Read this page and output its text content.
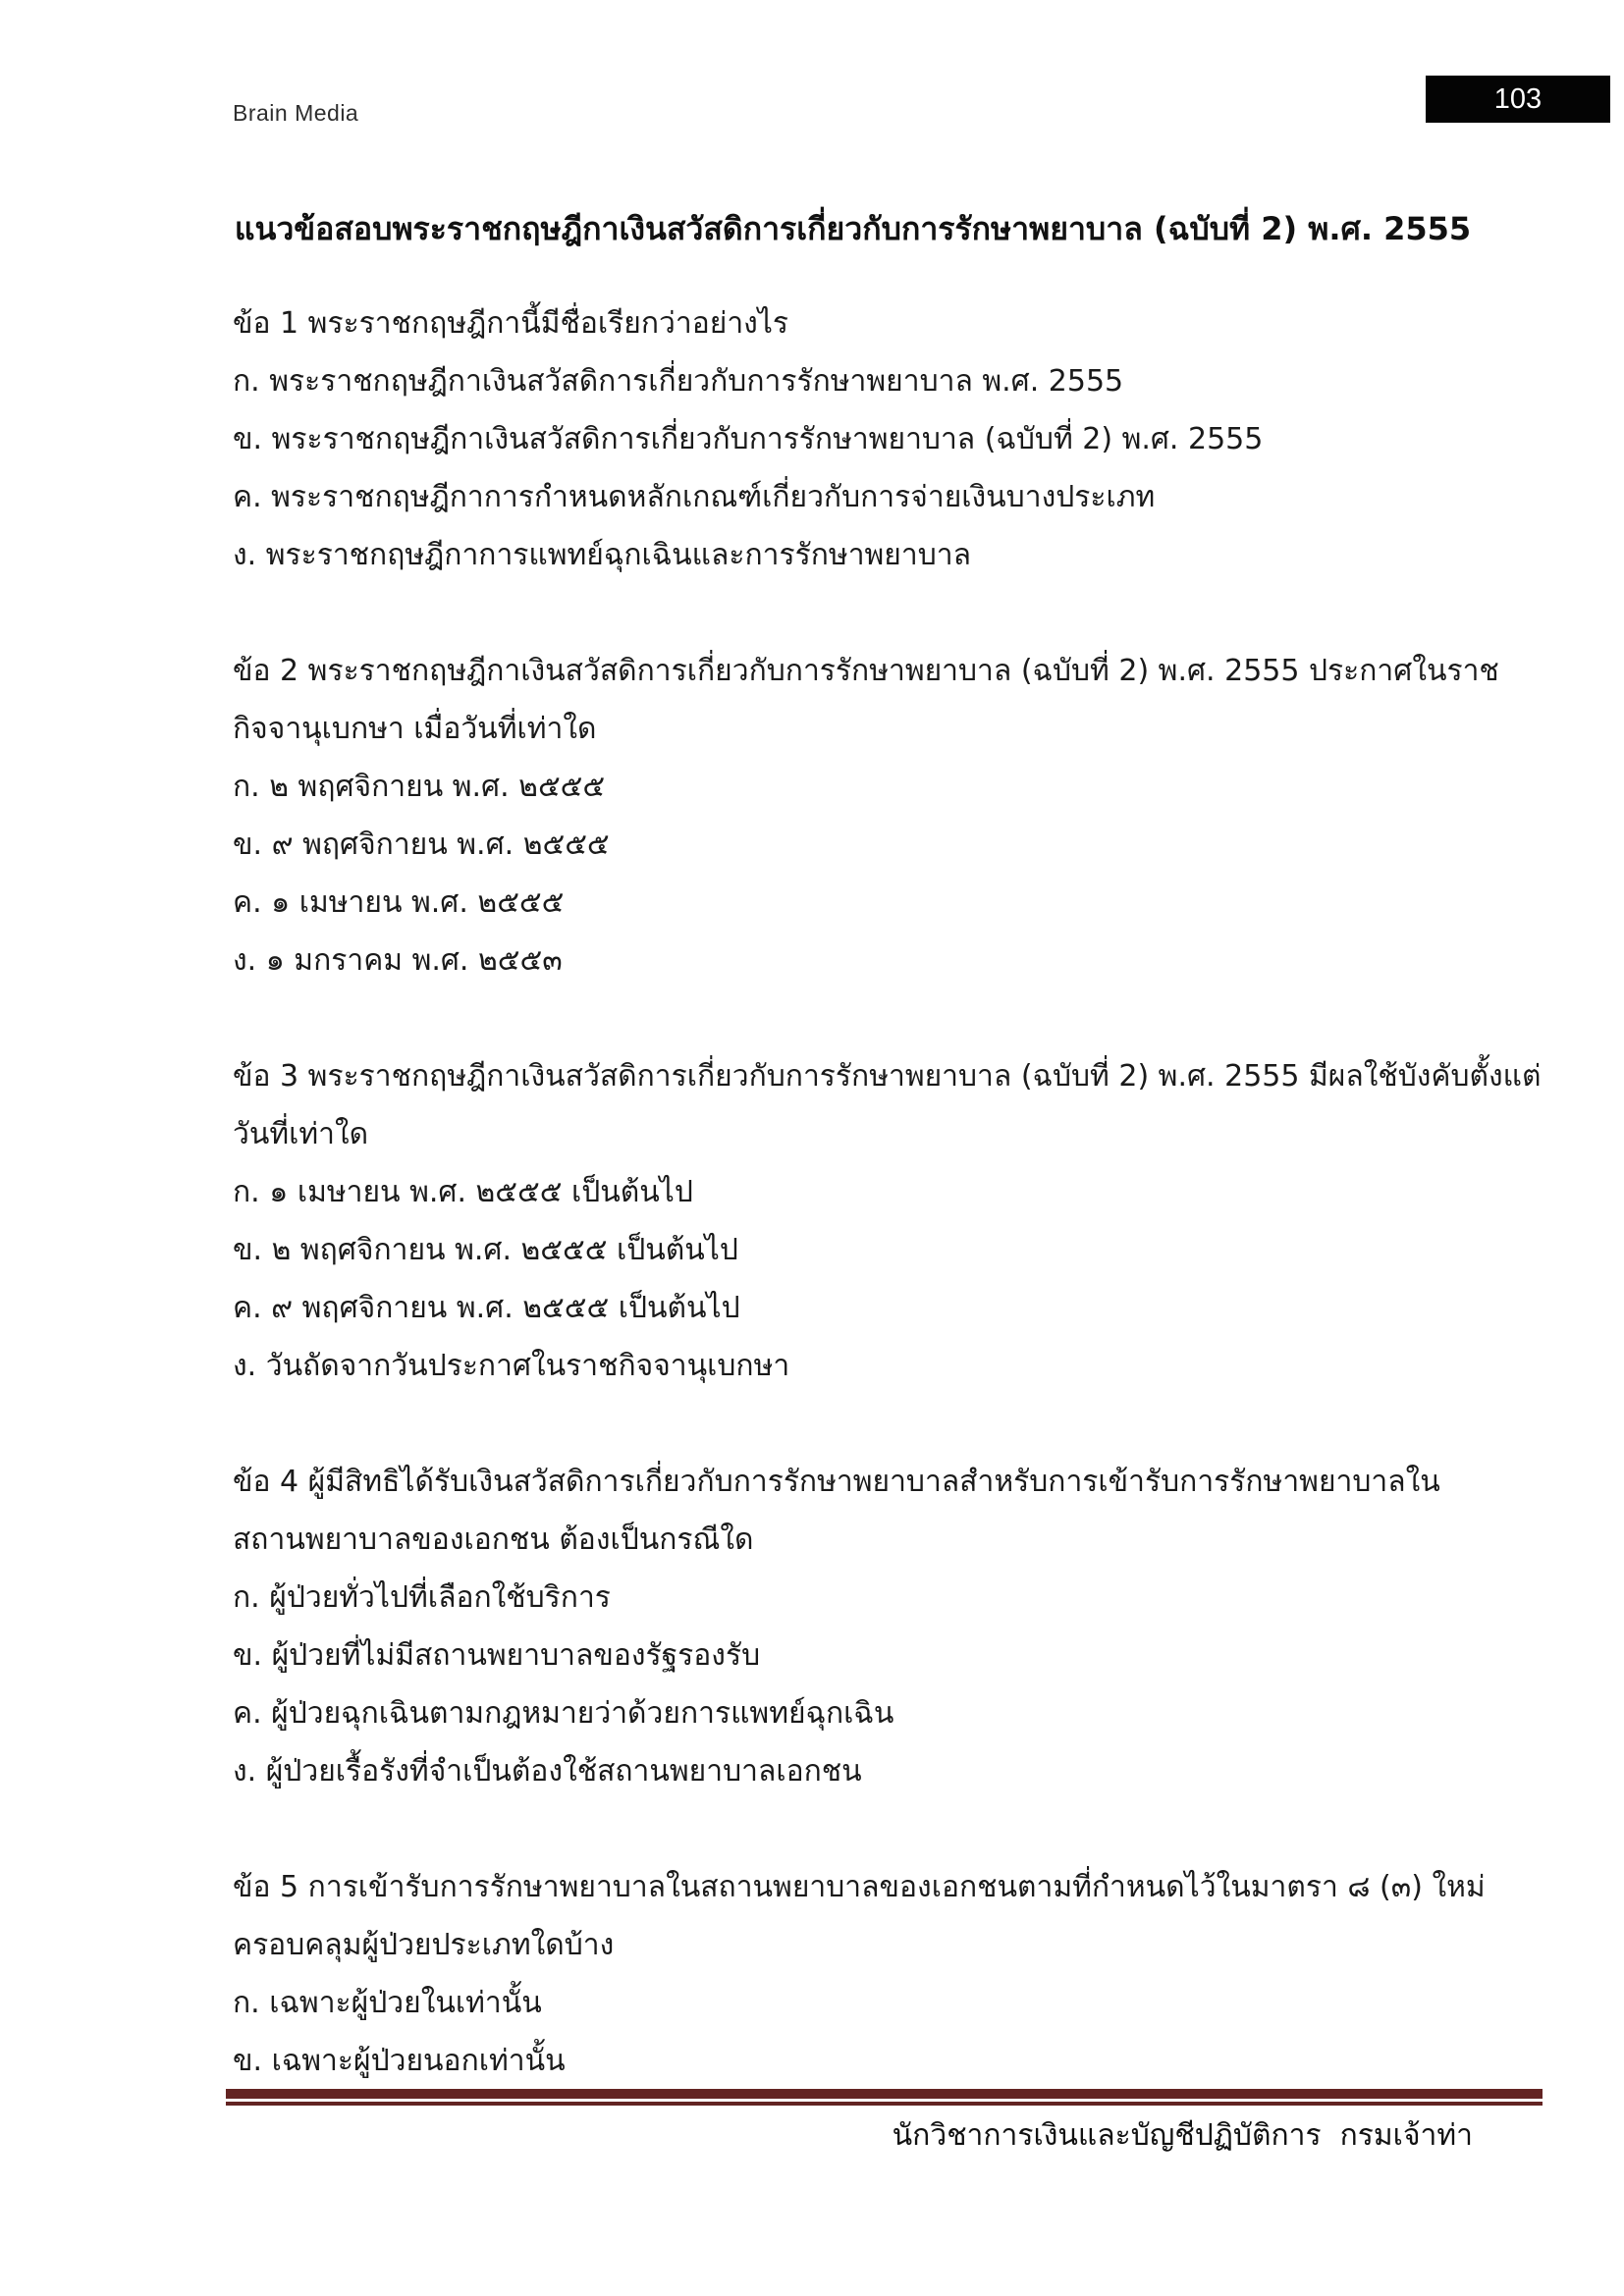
Brain Media	103
แนวข้อสอบพระราชกฤษฎีกาเงินสวัสดิการเกี่ยวกับการรักษาพยาบาล (ฉบับที่ 2) พ.ศ. 2555
ข้อ 1 พระราชกฤษฎีกานี้มีชื่อเรียกว่าอย่างไร
ก. พระราชกฤษฎีกาเงินสวัสดิการเกี่ยวกับการรักษาพยาบาล พ.ศ. 2555
ข. พระราชกฤษฎีกาเงินสวัสดิการเกี่ยวกับการรักษาพยาบาล (ฉบับที่ 2) พ.ศ. 2555
ค. พระราชกฤษฎีกาการกำหนดหลักเกณฑ์เกี่ยวกับการจ่ายเงินบางประเภท
ง. พระราชกฤษฎีกาการแพทย์ฉุกเฉินและการรักษาพยาบาล
ข้อ 2 พระราชกฤษฎีกาเงินสวัสดิการเกี่ยวกับการรักษาพยาบาล (ฉบับที่ 2) พ.ศ. 2555 ประกาศในราช
กิจจานุเบกษา เมื่อวันที่เท่าใด
ก. ๒ พฤศจิกายน พ.ศ. ๒๕๕๕
ข. ๙ พฤศจิกายน พ.ศ. ๒๕๕๕
ค. ๑ เมษายน พ.ศ. ๒๕๕๕
ง. ๑ มกราคม พ.ศ. ๒๕๕๓
ข้อ 3 พระราชกฤษฎีกาเงินสวัสดิการเกี่ยวกับการรักษาพยาบาล (ฉบับที่ 2) พ.ศ. 2555 มีผลใช้บังคับตั้งแต่
วันที่เท่าใด
ก. ๑ เมษายน พ.ศ. ๒๕๕๕ เป็นต้นไป
ข. ๒ พฤศจิกายน พ.ศ. ๒๕๕๕ เป็นต้นไป
ค. ๙ พฤศจิกายน พ.ศ. ๒๕๕๕ เป็นต้นไป
ง. วันถัดจากวันประกาศในราชกิจจานุเบกษา
ข้อ 4 ผู้มีสิทธิได้รับเงินสวัสดิการเกี่ยวกับการรักษาพยาบาลสำหรับการเข้ารับการรักษาพยาบาลใน
สถานพยาบาลของเอกชน ต้องเป็นกรณีใด
ก. ผู้ป่วยทั่วไปที่เลือกใช้บริการ
ข. ผู้ป่วยที่ไม่มีสถานพยาบาลของรัฐรองรับ
ค. ผู้ป่วยฉุกเฉินตามกฎหมายว่าด้วยการแพทย์ฉุกเฉิน
ง. ผู้ป่วยเรื้อรังที่จำเป็นต้องใช้สถานพยาบาลเอกชน
ข้อ 5 การเข้ารับการรักษาพยาบาลในสถานพยาบาลของเอกชนตามที่กำหนดไว้ในมาตรา ๘ (๓) ใหม่
ครอบคลุมผู้ป่วยประเภทใดบ้าง
ก. เฉพาะผู้ป่วยในเท่านั้น
ข. เฉพาะผู้ป่วยนอกเท่านั้น
นักวิชาการเงินและบัญชีปฏิบัติการ  กรมเจ้าท่า
